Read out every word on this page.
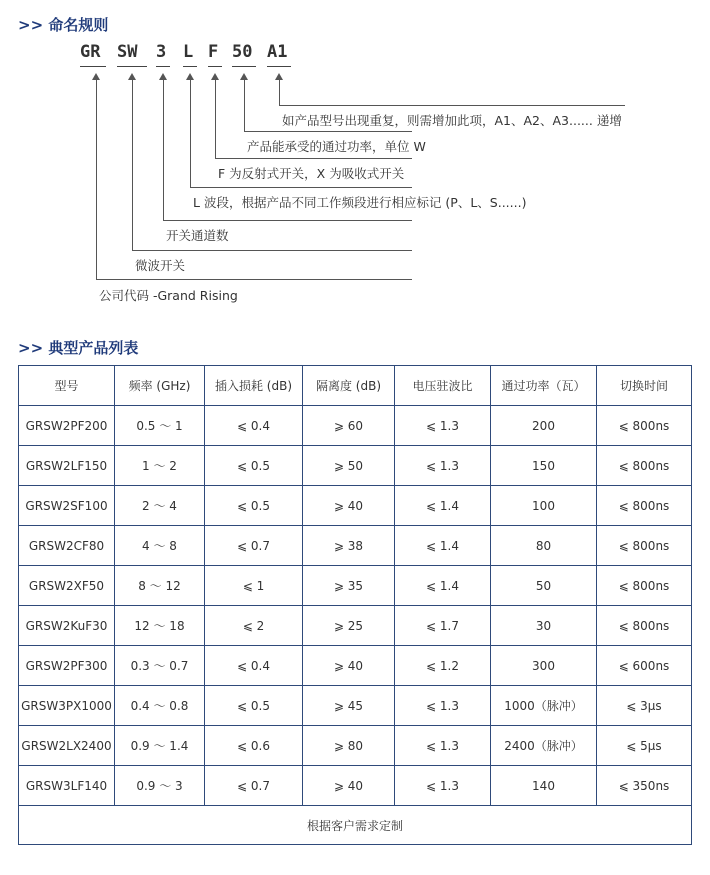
>> 命名规则
GR SW 3 L F 50 A1
如产品型号出现重复，则需增加此项，A1、A2、A3...... 递增
产品能承受的通过功率，单位 W
F 为反射式开关，X 为吸收式开关
L 波段，根据产品不同工作频段进行相应标记 (P、L、S......)
开关通道数
微波开关
公司代码 -Grand Rising
>> 典型产品列表
型号	频率 (GHz)	插入损耗 (dB)	隔离度 (dB)	电压驻波比	通过功率（瓦）	切换时间
GRSW2PF200	0.5 ～ 1	⩽ 0.4	⩾ 60	⩽ 1.3	200	⩽ 800ns
GRSW2LF150	1 ～ 2	⩽ 0.5	⩾ 50	⩽ 1.3	150	⩽ 800ns
GRSW2SF100	2 ～ 4	⩽ 0.5	⩾ 40	⩽ 1.4	100	⩽ 800ns
GRSW2CF80	4 ～ 8	⩽ 0.7	⩾ 38	⩽ 1.4	80	⩽ 800ns
GRSW2XF50	8 ～ 12	⩽ 1	⩾ 35	⩽ 1.4	50	⩽ 800ns
GRSW2KuF30	12 ～ 18	⩽ 2	⩾ 25	⩽ 1.7	30	⩽ 800ns
GRSW2PF300	0.3 ～ 0.7	⩽ 0.4	⩾ 40	⩽ 1.2	300	⩽ 600ns
GRSW3PX1000	0.4 ～ 0.8	⩽ 0.5	⩾ 45	⩽ 1.3	1000（脉冲）	⩽ 3μs
GRSW2LX2400	0.9 ～ 1.4	⩽ 0.6	⩾ 80	⩽ 1.3	2400（脉冲）	⩽ 5μs
GRSW3LF140	0.9 ～ 3	⩽ 0.7	⩾ 40	⩽ 1.3	140	⩽ 350ns
根据客户需求定制						
